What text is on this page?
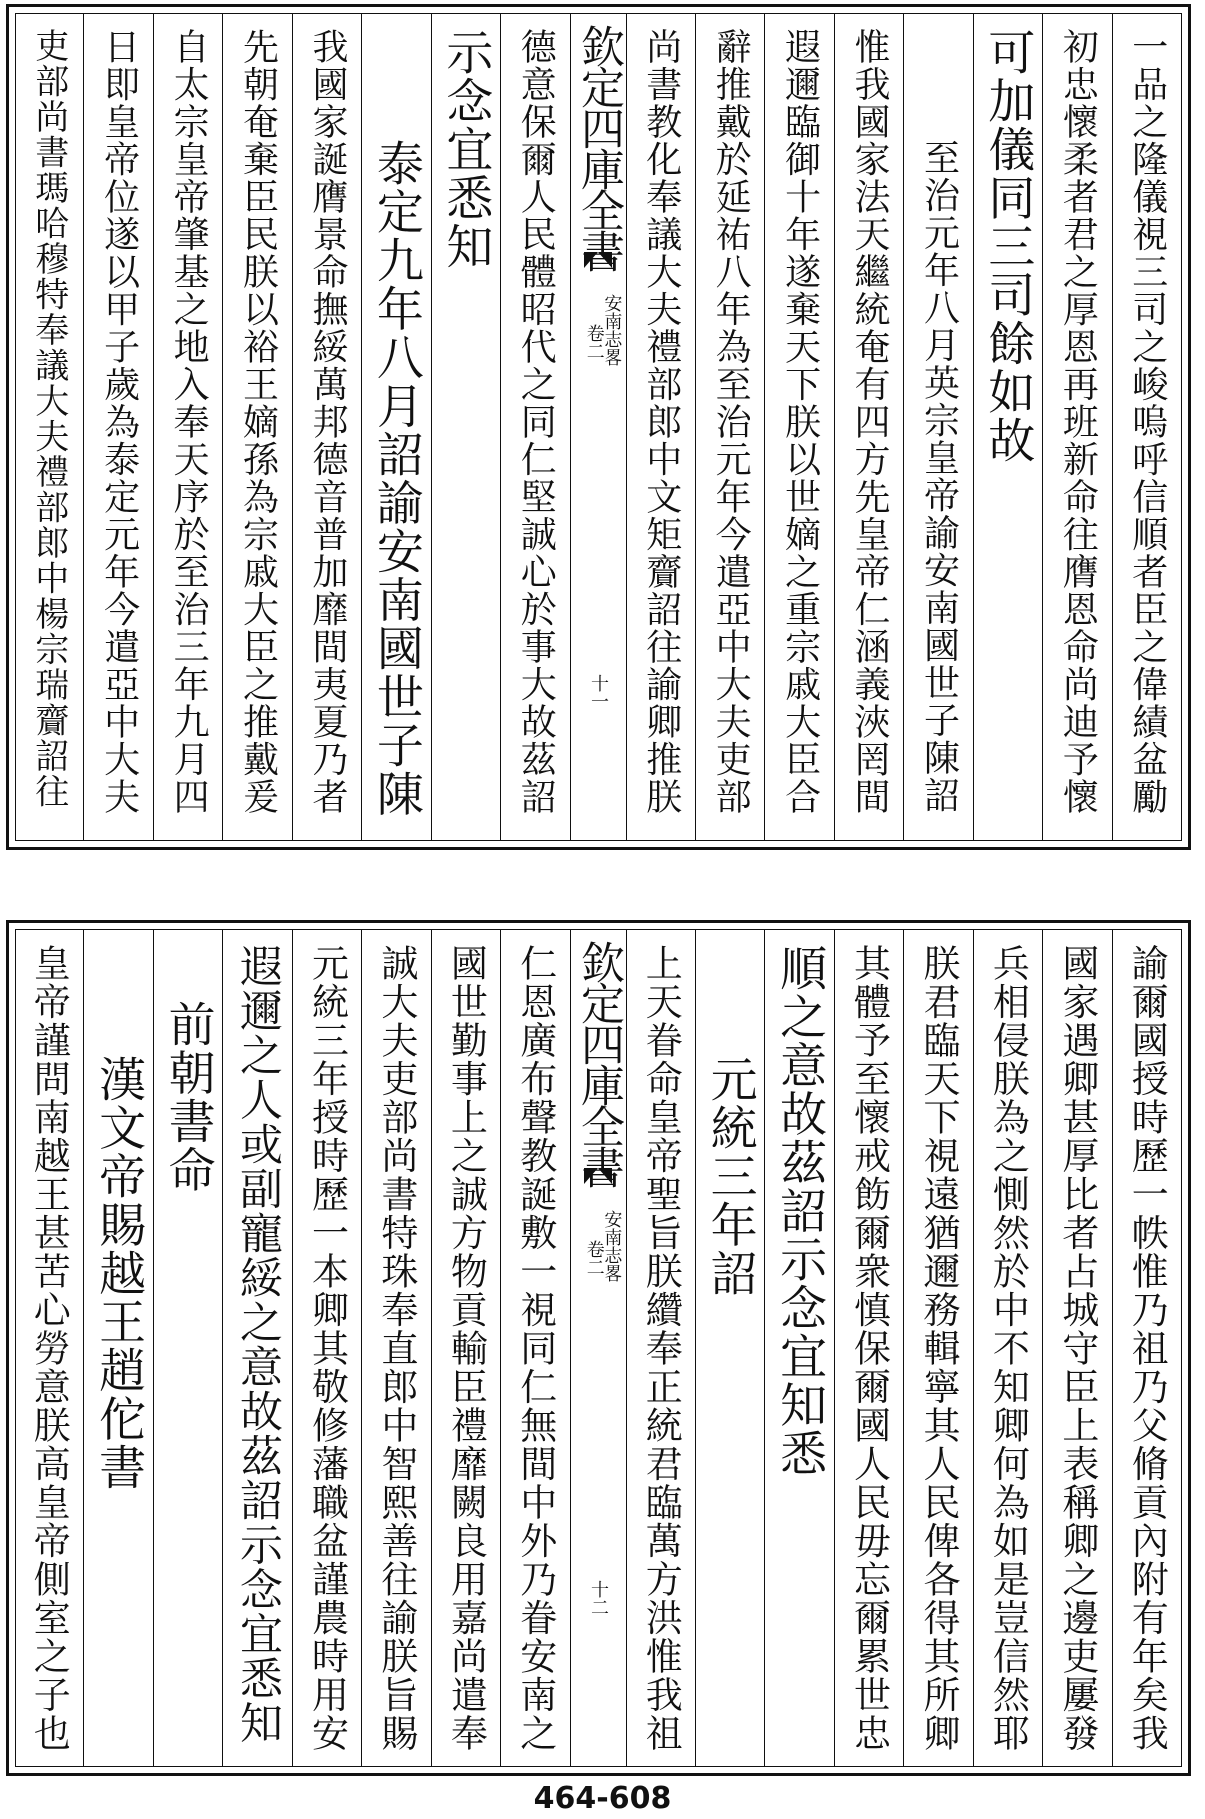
一品之隆儀視三司之峻嗚呼信順者臣之偉績盆勵
初忠懷柔者君之厚恩再班新命往膺恩命尚迪予懷
可加儀同三司餘如故
至治元年八月英宗皇帝諭安南國世子陳詔
惟我國家法天繼統奄有四方先皇帝仁涵義浹罔間
遐邇臨御十年遂棄天下朕以世嫡之重宗戚大臣合
辭推戴於延祐八年為至治元年今遣亞中大夫吏部
尚書教化奉議大夫禮部郎中文矩齎詔往諭卿推朕
欽定四庫全書
卷二
安南志畧
十一
德意保爾人民體昭代之同仁堅誠心於事大故茲詔
示念宜悉知
泰定九年八月詔諭安南國世子陳
我國家誕膺景命撫綏萬邦德音普加靡間夷夏乃者
先朝奄棄臣民朕以裕王嫡孫為宗戚大臣之推戴爰
自太宗皇帝肇基之地入奉天序於至治三年九月四
日即皇帝位遂以甲子歲為泰定元年今遣亞中大夫
吏部尚書瑪哈穆特奉議大夫禮部郎中楊宗瑞齎詔往
諭爾國授時歷一帙惟乃祖乃父脩貢內附有年矣我
國家遇卿甚厚比者占城守臣上表稱卿之邊吏屢發
兵相侵朕為之惻然於中不知卿何為如是豈信然耶
朕君臨天下視遠猶邇務輯寧其人民俾各得其所卿
其體予至懷戒飭爾衆慎保爾國人民毋忘爾累世忠
順之意故茲詔示念宜知悉
元統三年詔
上天眷命皇帝聖旨朕纘奉正統君臨萬方洪惟我祖
欽定四庫全書
卷二
安南志畧
十二
仁恩廣布聲教誕敷一視同仁無間中外乃眷安南之
國世勤事上之誠方物貢輸臣禮靡闕良用嘉尚遣奉
誠大夫吏部尚書特珠奉直郎中智熙善往諭朕旨賜
元統三年授時歷一本卿其敬修藩職盆謹農時用安
遐邇之人或副寵綏之意故茲詔示念宜悉知
前朝書命
漢文帝賜越王趙佗書
皇帝謹問南越王甚苦心勞意朕高皇帝側室之子也
464-608
